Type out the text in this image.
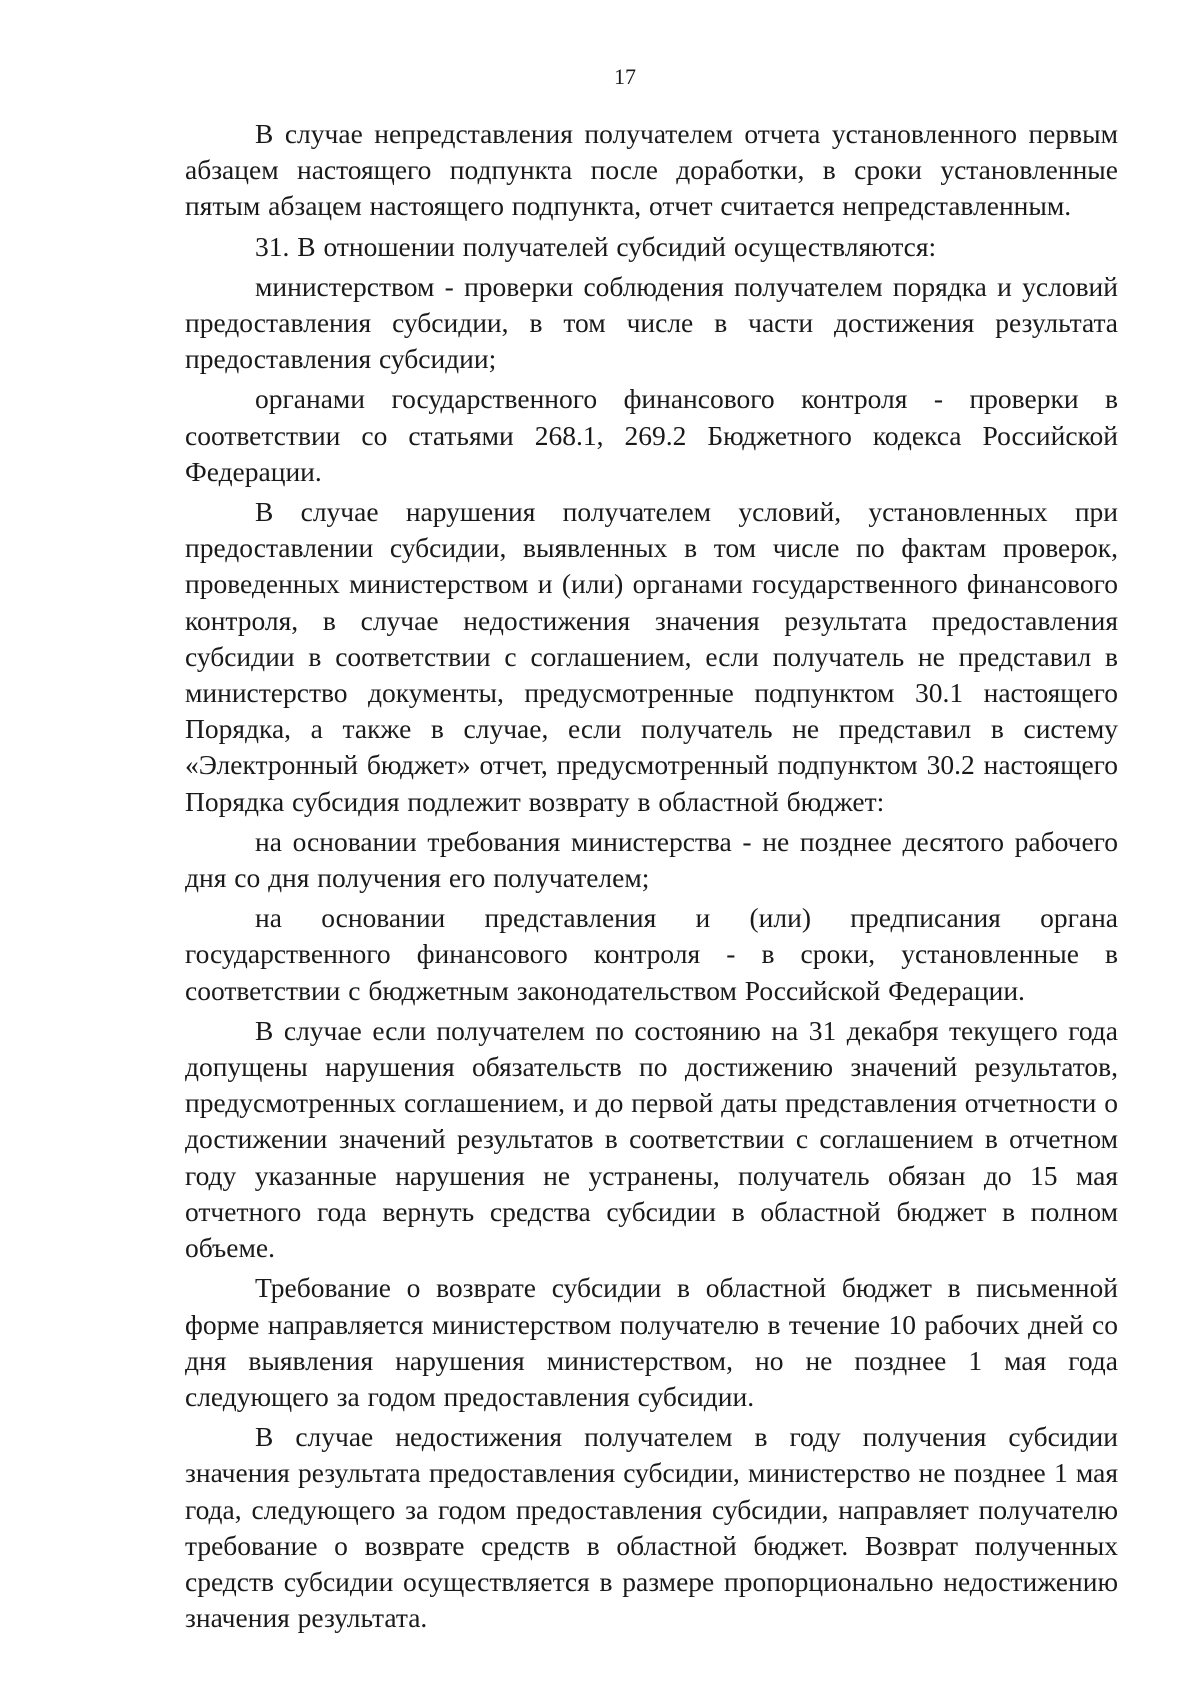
17

В случае непредставления получателем отчета установленного первым абзацем настоящего подпункта после доработки, в сроки установленные пятым абзацем настоящего подпункта, отчет считается непредставленным.

31. В отношении получателей субсидий осуществляются:

министерством - проверки соблюдения получателем порядка и условий предоставления субсидии, в том числе в части достижения результата предоставления субсидии;

органами государственного финансового контроля - проверки в соответствии со статьями 268.1, 269.2 Бюджетного кодекса Российской Федерации.

В случае нарушения получателем условий, установленных при предоставлении субсидии, выявленных в том числе по фактам проверок, проведенных министерством и (или) органами государственного финансового контроля, в случае недостижения значения результата предоставления субсидии в соответствии с соглашением, если получатель не представил в министерство документы, предусмотренные подпунктом 30.1 настоящего Порядка, а также в случае, если получатель не представил в систему «Электронный бюджет» отчет, предусмотренный подпунктом 30.2 настоящего Порядка субсидия подлежит возврату в областной бюджет:

на основании требования министерства - не позднее десятого рабочего дня со дня получения его получателем;

на основании представления и (или) предписания органа государственного финансового контроля - в сроки, установленные в соответствии с бюджетным законодательством Российской Федерации.

В случае если получателем по состоянию на 31 декабря текущего года допущены нарушения обязательств по достижению значений результатов, предусмотренных соглашением, и до первой даты представления отчетности о достижении значений результатов в соответствии с соглашением в отчетном году указанные нарушения не устранены, получатель обязан до 15 мая отчетного года вернуть средства субсидии в областной бюджет в полном объеме.

Требование о возврате субсидии в областной бюджет в письменной форме направляется министерством получателю в течение 10 рабочих дней со дня выявления нарушения министерством, но не позднее 1 мая года следующего за годом предоставления субсидии.

В случае недостижения получателем в году получения субсидии значения результата предоставления субсидии, министерство не позднее 1 мая года, следующего за годом предоставления субсидии, направляет получателю требование о возврате средств в областной бюджет. Возврат полученных средств субсидии осуществляется в размере пропорционально недостижению значения результата.
